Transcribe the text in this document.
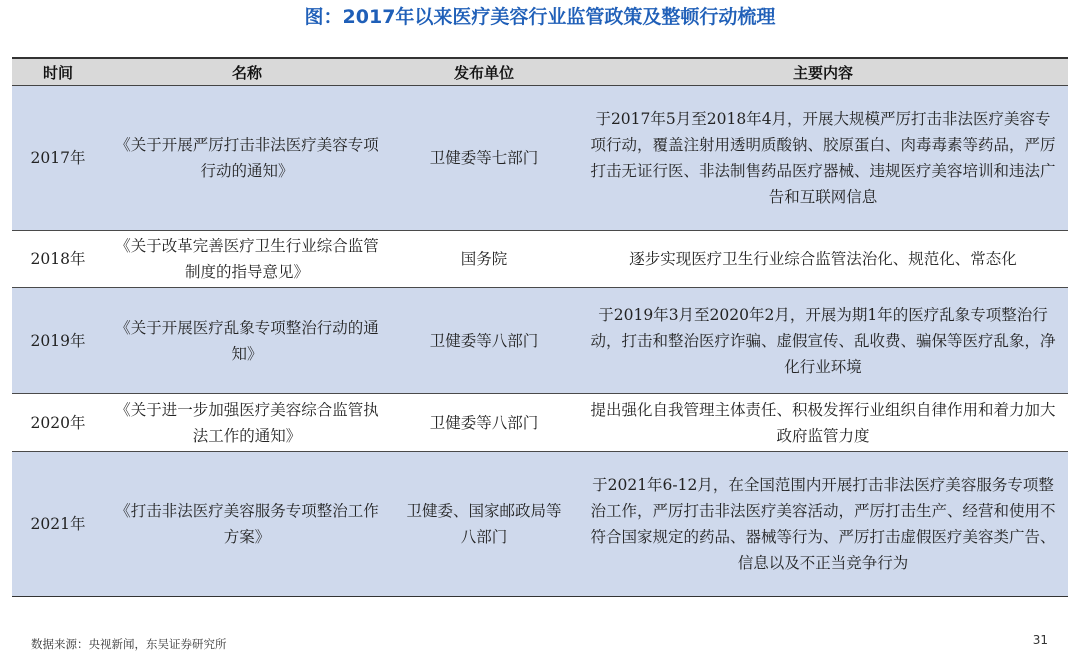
图：2017年以来医疗美容行业监管政策及整顿行动梳理
时间	名称	发布单位	主要内容
2017年	《关于开展严厉打击非法医疗美容专项行动的通知》	卫健委等七部门	于2017年5月至2018年4月，开展大规模严厉打击非法医疗美容专项行动，覆盖注射用透明质酸钠、胶原蛋白、肉毒毒素等药品，严厉打击无证行医、非法制售药品医疗器械、违规医疗美容培训和违法广告和互联网信息
2018年	《关于改革完善医疗卫生行业综合监管制度的指导意见》	国务院	逐步实现医疗卫生行业综合监管法治化、规范化、常态化
2019年	《关于开展医疗乱象专项整治行动的通知》	卫健委等八部门	于2019年3月至2020年2月，开展为期1年的医疗乱象专项整治行动，打击和整治医疗诈骗、虚假宣传、乱收费、骗保等医疗乱象，净化行业环境
2020年	《关于进一步加强医疗美容综合监管执法工作的通知》	卫健委等八部门	提出强化自我管理主体责任、积极发挥行业组织自律作用和着力加大政府监管力度
2021年	《打击非法医疗美容服务专项整治工作方案》	卫健委、国家邮政局等八部门	于2021年6-12月，在全国范围内开展打击非法医疗美容服务专项整治工作，严厉打击非法医疗美容活动，严厉打击生产、经营和使用不符合国家规定的药品、器械等行为、严厉打击虚假医疗美容类广告、信息以及不正当竞争行为
数据来源：央视新闻，东吴证券研究所	31
